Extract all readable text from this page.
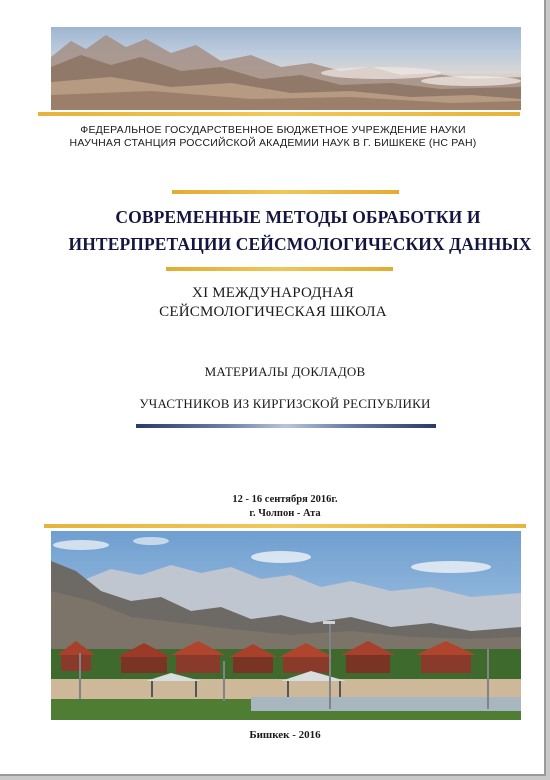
ФЕДЕРАЛЬНОЕ ГОСУДАРСТВЕННОЕ БЮДЖЕТНОЕ УЧРЕЖДЕНИЕ НАУКИ
НАУЧНАЯ СТАНЦИЯ РОССИЙСКОЙ АКАДЕМИИ НАУК В Г. БИШКЕКЕ (НС РАН)
СОВРЕМЕННЫЕ МЕТОДЫ ОБРАБОТКИ И
ИНТЕРПРЕТАЦИИ СЕЙСМОЛОГИЧЕСКИХ ДАННЫХ
XI МЕЖДУНАРОДНАЯ
СЕЙСМОЛОГИЧЕСКАЯ ШКОЛА
МАТЕРИАЛЫ ДОКЛАДОВ
УЧАСТНИКОВ ИЗ КИРГИЗСКОЙ РЕСПУБЛИКИ
12 - 16 сентября 2016г.
г. Чолпон - Ата
Бишкек - 2016
